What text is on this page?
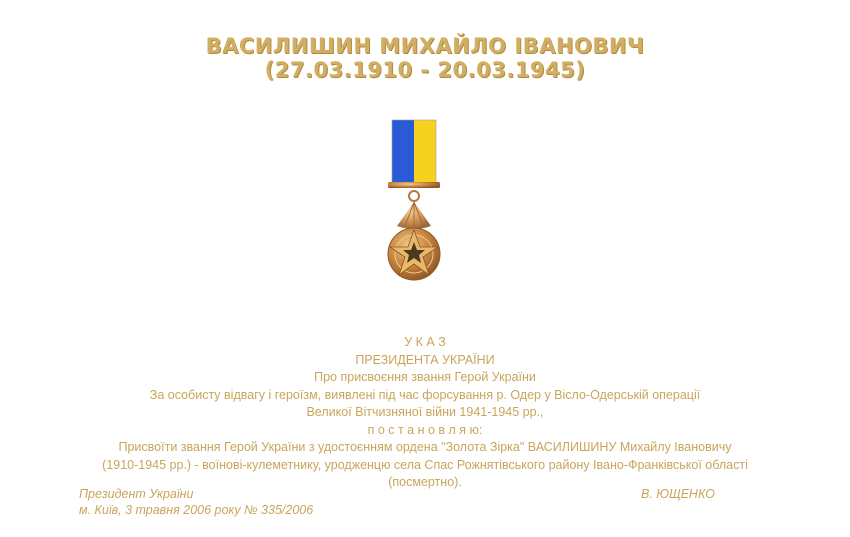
ВАСИЛИШИН МИХАЙЛО ІВАНОВИЧ
(27.03.1910 - 20.03.1945)
У К А З
ПРЕЗИДЕНТА УКРАЇНИ
Про присвоєння звання Герой України
За особисту відвагу і героїзм, виявлені під час форсування р. Одер у Вісло-Одерській операції
Великої Вітчизняної війни 1941-1945 рр.,
п о с т а н о в л я ю:
Присвоїти звання Герой України з удостоєнням ордена "Золота Зірка" ВАСИЛИШИНУ Михайлу Івановичу
(1910-1945 рр.) - воїнові-кулеметнику, уродженцю села Спас Рожнятівського району Івано-Франківської області
(посмертно).
Президент України
м. Київ, 3 травня 2006 року № 335/2006
В. ЮЩЕНКО
